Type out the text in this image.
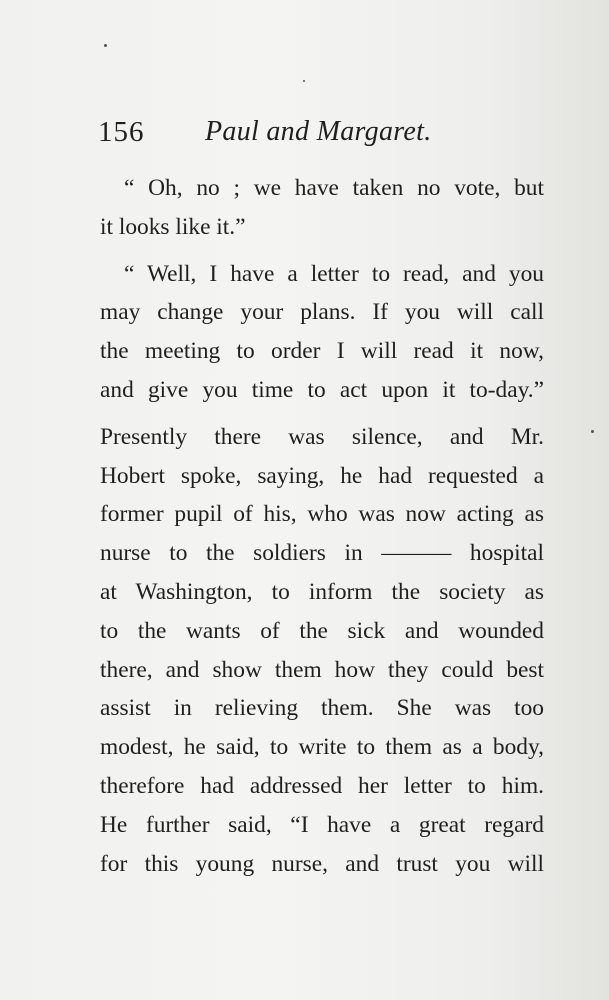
156 Paul and Margaret.
“ Oh, no ; we have taken no vote, but
it looks like it.”
“ Well, I have a letter to read, and you
may change your plans. If you will call
the meeting to order I will read it now,
and give you time to act upon it to-day.”
Presently there was silence, and Mr.
Hobert spoke, saying, he had requested a
former pupil of his, who was now acting as
nurse to the soldiers in ——— hospital
at Washington, to inform the society as
to the wants of the sick and wounded
there, and show them how they could best
assist in relieving them. She was too
modest, he said, to write to them as a body,
therefore had addressed her letter to him.
He further said, “I have a great regard
for this young nurse, and trust you will
